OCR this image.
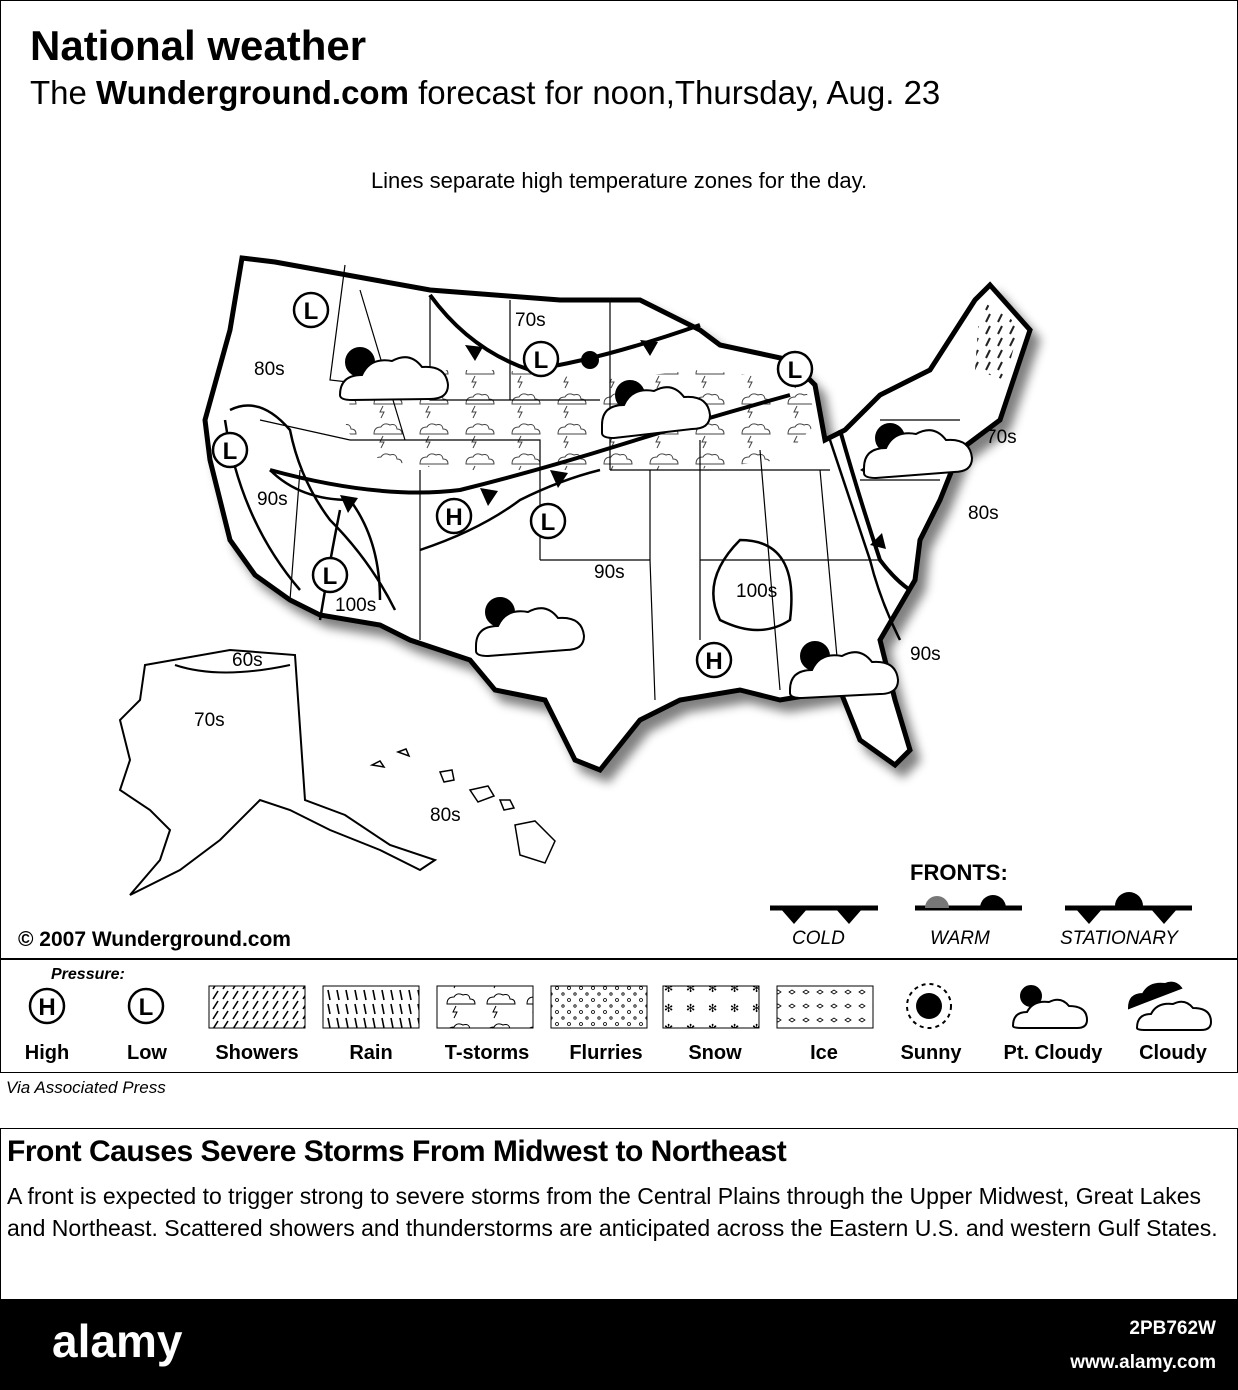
National weather

The Wunderground.com forecast for noon,Thursday, Aug. 23

Lines separate high temperature zones for the day.
L
L	L
L
L
L
H
H
70s
80s
90s
100s
70s
80s
90s
100s
90s
60s
70s
80s
© 2007 Wunderground.com
FRONTS:
COLD	WARM	STATIONARY
Pressure:
H	L
High	Low	Showers	Rain	T-storms	Flurries	Snow	Ice	Sunny	Pt. Cloudy	Cloudy
Via Associated Press
Front Causes Severe Storms From Midwest to Northeast

A front is expected to trigger strong to severe storms from the Central Plains through the Upper Midwest, Great Lakes and Northeast. Scattered showers and thunderstorms are anticipated across the Eastern U.S. and western Gulf States.

alamy	2PB762W
www.alamy.com
